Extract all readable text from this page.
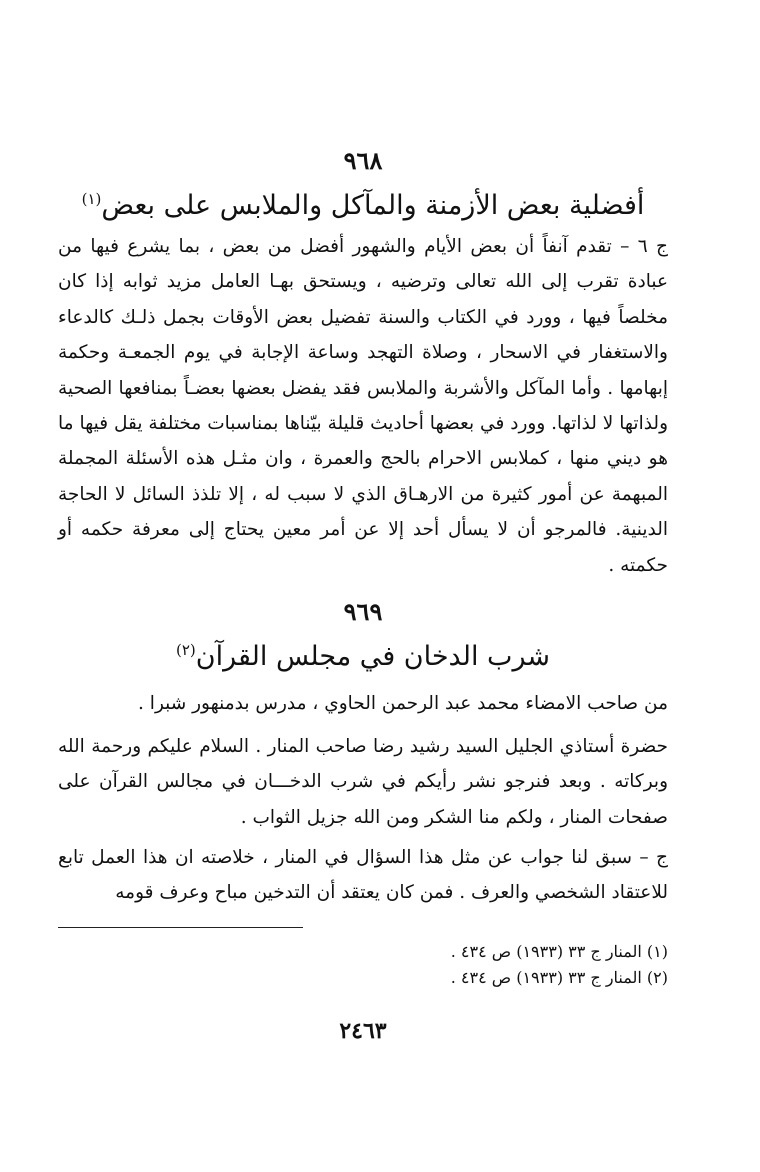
٩٦٨
أفضلية بعض الأزمنة والمآكل والملابس على بعض$^{(١)}$

ج ٦ – تقدم آنفاً أن بعض الأيام والشهور أفضل من بعض ، بما يشرع فيها من عبادة تقرب إلى الله تعالى وترضيه ، ويستحق بهـا العامل مزيد ثوابه إذا كان مخلصاً فيها ، وورد في الكتاب والسنة تفضيل بعض الأوقات بجمل ذلـك كالدعاء والاستغفار في الاسحار ، وصلاة التهجد وساعة الإجابة في يوم الجمعـة وحكمة إبهامها . وأما المآكل والأشربة والملابس فقد يفضل بعضها بعضـاً بمنافعها الصحية ولذاتها لا لذاتها. وورد في بعضها أحاديث قليلة بيّناها بمناسبات مختلفة يقل فيها ما هو ديني منها ، كملابس الاحرام بالحج والعمرة ، وان مثـل هذه الأسئلة المجملة المبهمة عن أمور كثيرة من الارهـاق الذي لا سبب له ، إلا تلذذ السائل لا الحاجة الدينية. فالمرجو أن لا يسأل أحد إلا عن أمر معين يحتاج إلى معرفة حكمه أو حكمته .

٩٦٩
شرب الدخان في مجلس القرآن$^{(٢)}$

من صاحب الامضاء محمد عبد الرحمن الحاوي ، مدرس بدمنهور شبرا .

حضرة أستاذي الجليل السيد رشيد رضا صاحب المنار . السلام عليكم ورحمة الله وبركاته . وبعد فنرجو نشر رأيكم في شرب الدخـــان في مجالس القرآن على صفحات المنار ، ولكم منا الشكر ومن الله جزيل الثواب .

ج – سبق لنا جواب عن مثل هذا السؤال في المنار ، خلاصته ان هذا العمل تابع للاعتقاد الشخصي والعرف . فمن كان يعتقد أن التدخين مباح وعرف قومه

(١) المنار ج ٣٣ (١٩٣٣) ص ٤٣٤ .
(٢) المنار ج ٣٣ (١٩٣٣) ص ٤٣٤ .
٢٤٦٣
